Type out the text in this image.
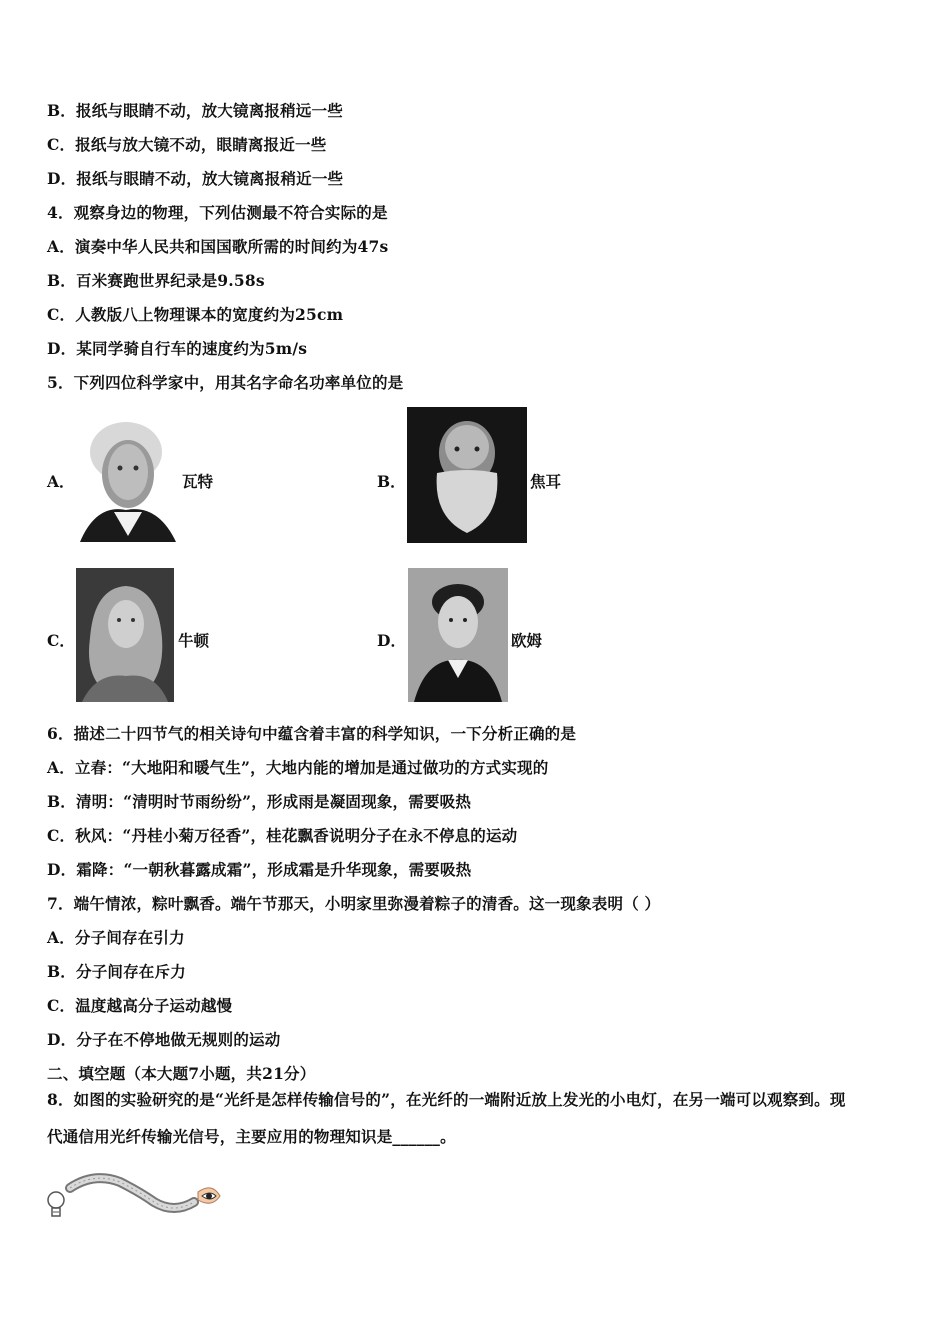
B．报纸与眼睛不动，放大镜离报稍远一些
C．报纸与放大镜不动，眼睛离报近一些
D．报纸与眼睛不动，放大镜离报稍近一些
4．观察身边的物理，下列估测最不符合实际的是
A．演奏中华人民共和国国歌所需的时间约为47s
B．百米赛跑世界纪录是9.58s
C．人教版八上物理课本的宽度约为25cm
D．某同学骑自行车的速度约为5m/s
5．下列四位科学家中，用其名字命名功率单位的是
A．	瓦特	B．	焦耳
C．	牛顿	D．	欧姆
6．描述二十四节气的相关诗句中蕴含着丰富的科学知识，一下分析正确的是
A．立春：“大地阳和暖气生”，大地内能的增加是通过做功的方式实现的
B．清明：“清明时节雨纷纷”，形成雨是凝固现象，需要吸热
C．秋风：“丹桂小菊万径香”，桂花飘香说明分子在永不停息的运动
D．霜降：“一朝秋暮露成霜”，形成霜是升华现象，需要吸热
7．端午情浓，粽叶飘香。端午节那天，小明家里弥漫着粽子的清香。这一现象表明（ ）
A．分子间存在引力
B．分子间存在斥力
C．温度越高分子运动越慢
D．分子在不停地做无规则的运动
二、填空题（本大题7小题，共21分）
8．如图的实验研究的是“光纤是怎样传输信号的”，在光纤的一端附近放上发光的小电灯，在另一端可以观察到。现
代通信用光纤传输光信号，主要应用的物理知识是______。
